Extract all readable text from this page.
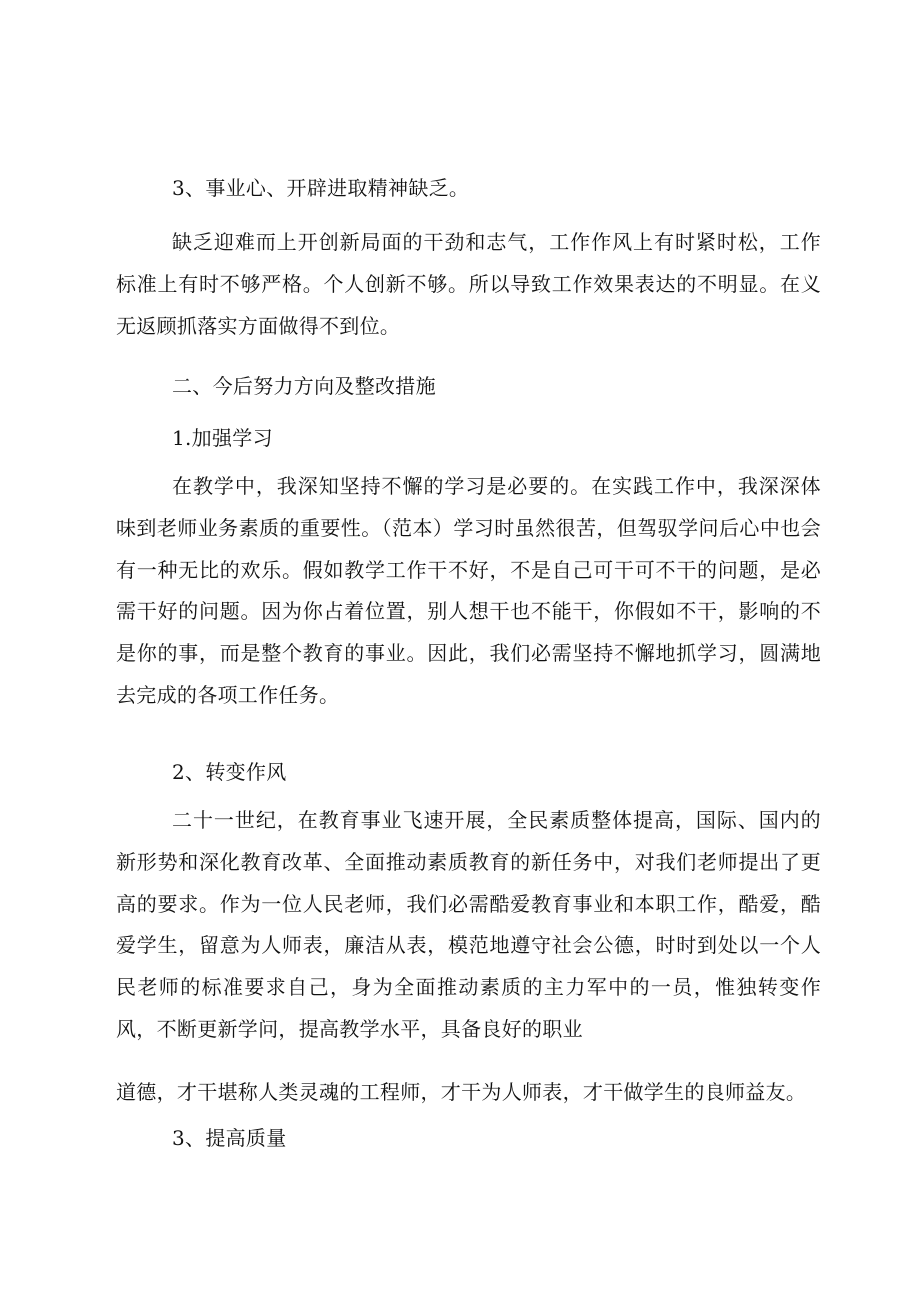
3、事业心、开辟进取精神缺乏。

缺乏迎难而上开创新局面的干劲和志气，工作作风上有时紧时松，工作标准上有时不够严格。个人创新不够。所以导致工作效果表达的不明显。在义无返顾抓落实方面做得不到位。

二、今后努力方向及整改措施

1.加强学习

在教学中，我深知坚持不懈的学习是必要的。在实践工作中，我深深体味到老师业务素质的重要性。（范本）学习时虽然很苦，但驾驭学问后心中也会有一种无比的欢乐。假如教学工作干不好，不是自己可干可不干的问题，是必需干好的问题。因为你占着位置，别人想干也不能干，你假如不干，影响的不是你的事，而是整个教育的事业。因此，我们必需坚持不懈地抓学习，圆满地去完成的各项工作任务。

2、转变作风

二十一世纪，在教育事业飞速开展，全民素质整体提高，国际、国内的新形势和深化教育改革、全面推动素质教育的新任务中，对我们老师提出了更高的要求。作为一位人民老师，我们必需酷爱教育事业和本职工作，酷爱，酷爱学生，留意为人师表，廉洁从表，模范地遵守社会公德，时时到处以一个人民老师的标准要求自己，身为全面推动素质的主力军中的一员，惟独转变作风，不断更新学问，提高教学水平，具备良好的职业

道德，才干堪称人类灵魂的工程师，才干为人师表，才干做学生的良师益友。

3、提高质量
